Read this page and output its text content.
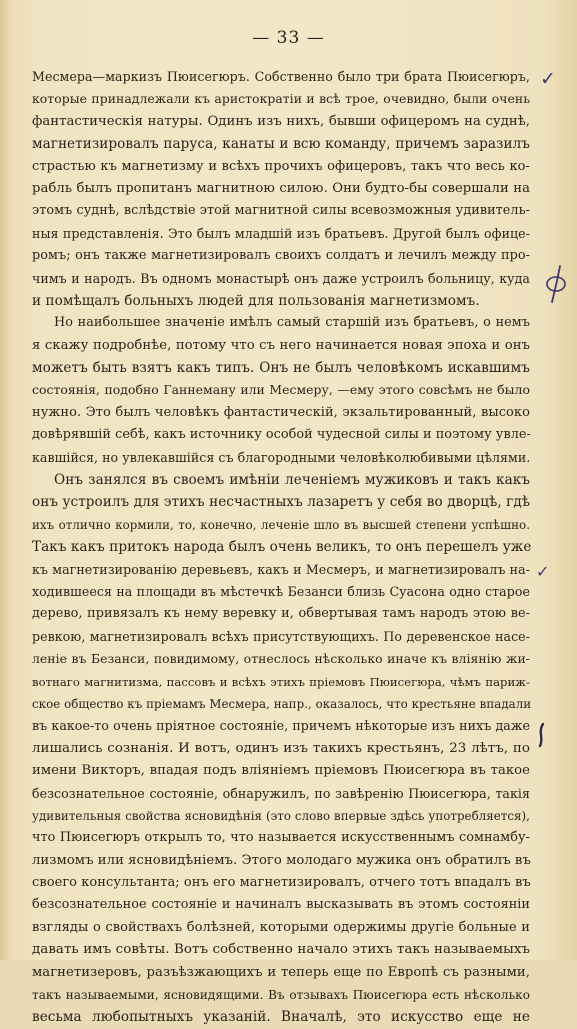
— 33 —
Месмера—маркизъ Пюисегюръ. Собственно было три брата Пюисегюръ,
которые принадлежали къ аристократіи и всѣ трое, очевидно, были очень
фантастическія натуры. Одинъ изъ нихъ, бывши офицеромъ на суднѣ,
магнетизировалъ паруса, канаты и всю команду, причемъ заразилъ
страстью къ магнетизму и всѣхъ прочихъ офицеровъ, такъ что весь ко-
рабль былъ пропитанъ магнитною силою. Они будто-бы совершали на
этомъ суднѣ, вслѣдствіе этой магнитной силы всевозможныя удивитель-
ныя представленія. Это былъ младшій изъ братьевъ. Другой былъ офице-
ромъ; онъ также магнетизировалъ своихъ солдатъ и лечилъ между про-
чимъ и народъ. Въ одномъ монастырѣ онъ даже устроилъ больницу, куда
и помѣщалъ больныхъ людей для пользованія магнетизмомъ.
Но наибольшее значеніе имѣлъ самый старшій изъ братьевъ, о немъ
я скажу подробнѣе, потому что съ него начинается новая эпоха и онъ
можетъ быть взятъ какъ типъ. Онъ не былъ человѣкомъ искавшимъ
состоянія, подобно Ганнеману или Месмеру, —ему этого совсѣмъ не было
нужно. Это былъ человѣкъ фантастическій, экзальтированный, высоко
довѣрявшій себѣ, какъ источнику особой чудесной силы и поэтому увле-
кавшійся, но увлекавшійся съ благородными человѣколюбивыми цѣлями.
Онъ занялся въ своемъ имѣніи леченіемъ мужиковъ и такъ какъ
онъ устроилъ для этихъ несчастныхъ лазаретъ у себя во дворцѣ, гдѣ
ихъ отлично кормили, то, конечно, леченіе шло въ высшей степени успѣшно.
Такъ какъ притокъ народа былъ очень великъ, то онъ перешелъ уже
къ магнетизированію деревьевъ, какъ и Месмеръ, и магнетизировалъ на-
ходившееся на площади въ мѣстечкѣ Безанси близь Суасона одно старое
дерево, привязалъ къ нему веревку и, обвертывая тамъ народъ этою ве-
ревкою, магнетизировалъ всѣхъ присутствующихъ. По деревенское насе-
леніе въ Безанси, повидимому, отнеслось нѣсколько иначе къ вліянію жи-
вотнаго магнитизма, пассовъ и всѣхъ этихъ пріемовъ Пюисегюра, чѣмъ париж-
ское общество къ пріемамъ Месмера, напр., оказалось, что крестьяне впадали
въ какое-то очень пріятное состояніе, причемъ нѣкоторые изъ нихъ даже
лишались сознанія. И вотъ, одинъ изъ такихъ крестьянъ, 23 лѣтъ, по
имени Викторъ, впадая подъ вліяніемъ пріемовъ Пюисегюра въ такое
безсознательное состояніе, обнаружилъ, по завѣренію Пюисегюра, такія
удивительныя свойства ясновидѣнія (это слово впервые здѣсь употребляется),
что Пюисегюръ открылъ то, что называется искусственнымъ сомнамбу-
лизмомъ или ясновидѣніемъ. Этого молодаго мужика онъ обратилъ въ
своего консультанта; онъ его магнетизировалъ, отчего тотъ впадалъ въ
безсознательное состояніе и начиналъ высказывать въ этомъ состояніи
взгляды о свойствахъ болѣзней, которыми одержимы другіе больные и
давать имъ совѣты. Вотъ собственно начало этихъ такъ называемыхъ
магнетизеровъ, разъѣзжающихъ и теперь еще по Европѣ съ разными,
такъ называемыми, ясновидящими. Въ отзывахъ Пюисегюра есть нѣсколько
весьма любопытныхъ указаній. Вначалѣ, это искусство еще не
✓
✓
